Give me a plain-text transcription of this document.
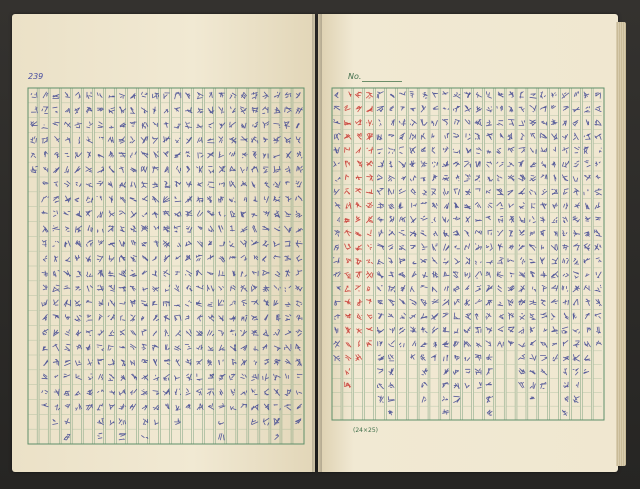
239	No.
(24×25)
